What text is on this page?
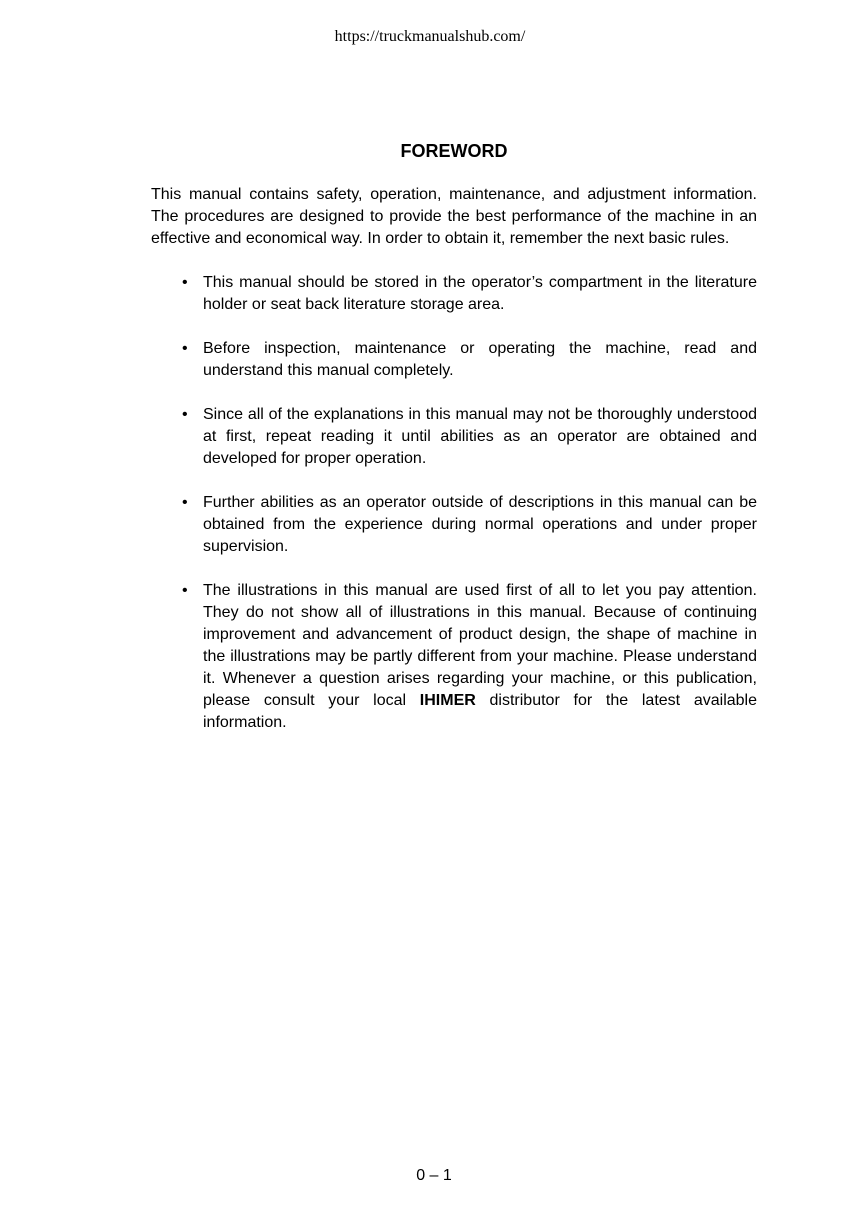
https://truckmanualshub.com/
FOREWORD

This manual contains safety, operation, maintenance, and adjustment information. The procedures are designed to provide the best performance of the machine in an effective and economical way. In order to obtain it, remember the next basic rules.

• This manual should be stored in the operator’s compartment in the literature holder or seat back literature storage area.
• Before inspection, maintenance or operating the machine, read and understand this manual completely.
• Since all of the explanations in this manual may not be thoroughly understood at first, repeat reading it until abilities as an operator are obtained and developed for proper operation.
• Further abilities as an operator outside of descriptions in this manual can be obtained from the experience during normal operations and under proper supervision.
• The illustrations in this manual are used first of all to let you pay attention. They do not show all of illustrations in this manual. Because of continuing improvement and advancement of product design, the shape of machine in the illustrations may be partly different from your machine. Please understand it. Whenever a question arises regarding your machine, or this publication, please consult your local IHIMER distributor for the latest available information.
0 – 1
